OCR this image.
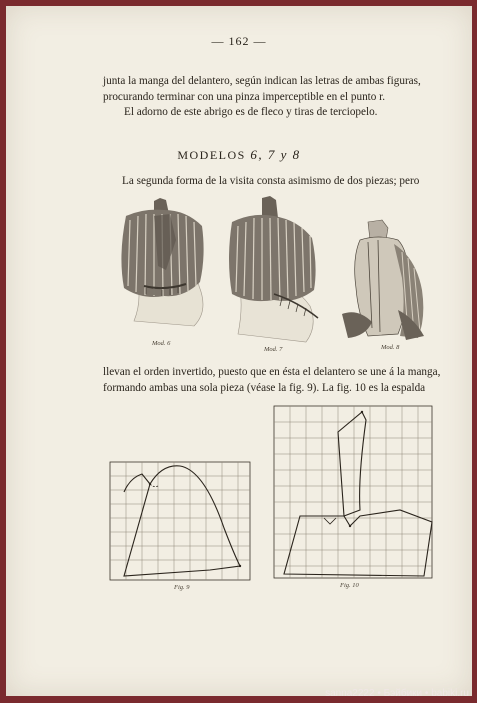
— 162 —
junta la manga del delantero, según indican las letras de ambas figuras,
procurando terminar con una pinza imperceptible en el punto r.
El adorno de este abrigo es de fleco y tiras de terciopelo.
MODELOS 6, 7 y 8
La segunda forma de la visita consta asimismo de dos piezas; pero
Mod. 6
Mod. 7	Mod. 8
llevan el orden invertido, puesto que en ésta el delantero se une á la manga,
formando ambas una sola pieza (véase la fig. 9). La fig. 10 es la espalda
Fig. 9	Fig. 10
sanna2222 • Бэйбики • babiki.ru
